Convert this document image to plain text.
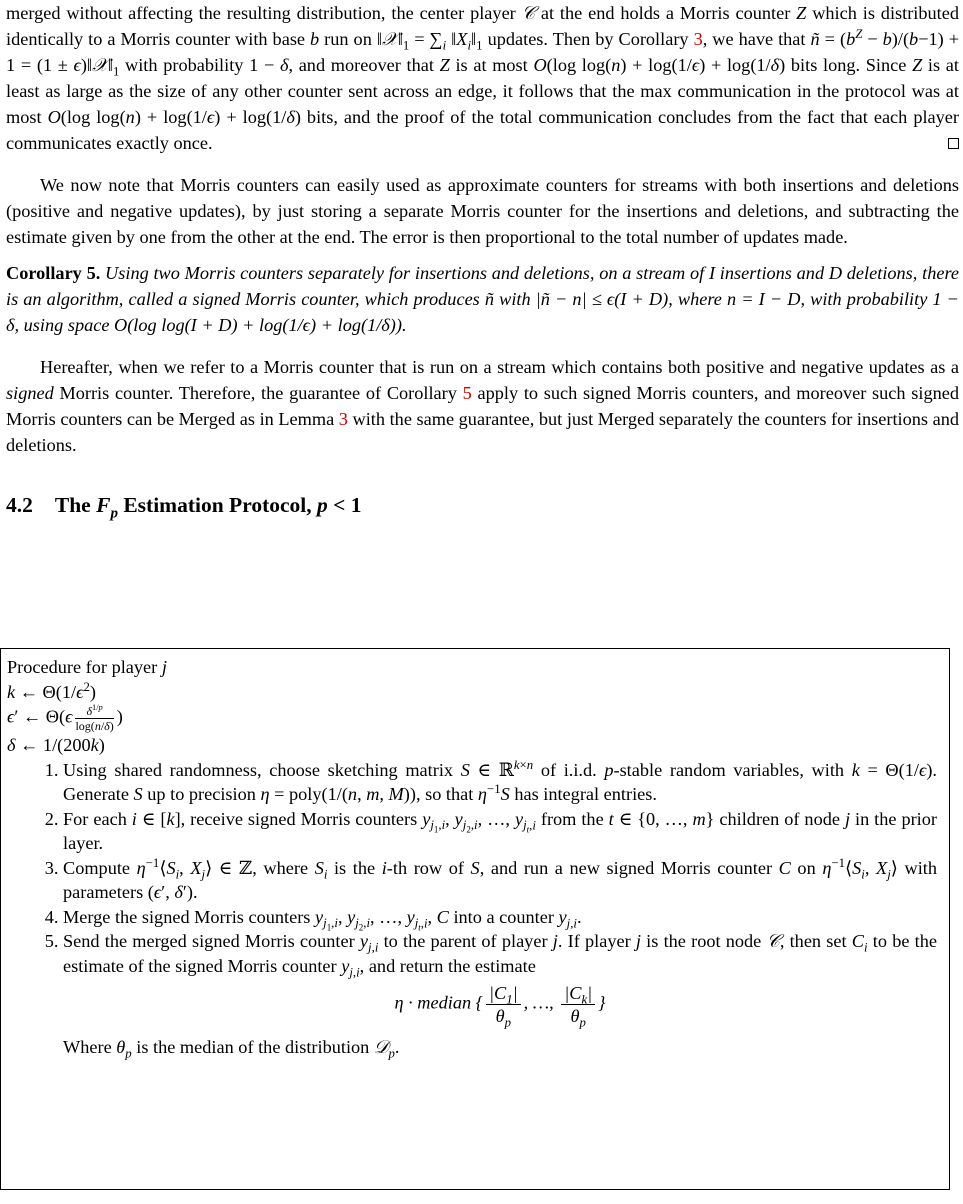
merged without affecting the resulting distribution, the center player 𝒞 at the end holds a Morris counter Z which is distributed identically to a Morris counter with base b run on $‖𝒳‖_1 = \sum_i$ $‖X_i‖_1$ updates. Then by Corollary 3, we have that ñ = $(b^Z - b)/(b-1) + 1 = (1$ ± $\epsilon)‖𝒳‖_1$ with probability 1 − δ, and moreover that Z is at most O(log log(n) + log(1/ϵ) + log(1/δ) bits long. Since Z is at least as large as the size of any other counter sent across an edge, it follows that the max communication in the protocol was at most O(log log(n) + log(1/ϵ) + log(1/δ) bits, and the proof of the total communication concludes from the fact that each player communicates exactly once.

We now note that Morris counters can easily used as approximate counters for streams with both insertions and deletions (positive and negative updates), by just storing a separate Morris counter for the insertions and deletions, and subtracting the estimate given by one from the other at the end. The error is then proportional to the total number of updates made.

Corollary 5. Using two Morris counters separately for insertions and deletions, on a stream of I insertions and D deletions, there is an algorithm, called a signed Morris counter, which produces ñ with |ñ − n| ≤ ϵ(I + D), where n = I − D, with probability 1 − δ, using space O(log log(I + D) + log(1/ϵ) + log(1/δ)).

Hereafter, when we refer to a Morris counter that is run on a stream which contains both positive and negative updates as a signed Morris counter. Therefore, the guarantee of Corollary 5 apply to such signed Morris counters, and moreover such signed Morris counters can be Merged as in Lemma 3 with the same guarantee, but just Merged separately the counters for insertions and deletions.

4.2 The $F_p$ Estimation Protocol, p < 1
Procedure for player j
k ← $\Theta(1/\epsilon^2)$
ϵ′ ← $\Theta(\epsilon \frac{\delta^{1/p}}{\log(n/\delta)}$ )
δ ← 1/(200k)
1. Using shared randomness, choose sketching matrix S ∈ ℝ$^{k\times n}$ of i.i.d. p-stable random variables, with k = Θ(1/ϵ). Generate S up to precision η = poly(1/(n, m, M)), so that $\eta^{-1}S$ has integral entries.
2. For each i ∈ [k], receive signed Morris counters $y_{j_1,i}$, $y_{j_2,i}$, …, $y_{j_t,i}$ from the t ∈ {0, …, m} children of node j in the prior layer.
3. Compute $\eta^{-1}⟨S_i$, $X_j⟩$ ∈ ℤ, where $S_i$ is the i-th row of S, and run a new signed Morris counter C on $\eta^{-1}⟨S_i$, $X_j⟩$ with parameters (ϵ′, δ′).
4. Merge the signed Morris counters $y_{j_1,i}$, $y_{j_2,i}$, …, $y_{j_t,i}$, C into a counter $y_{j,i}$.
5. Send the merged signed Morris counter $y_{j,i}$ to the parent of player j. If player j is the root node 𝒞, then set $C_i$ to be the estimate of the signed Morris counter $y_{j,i}$, and return the estimate
η · median { $\frac{|C_1|}{\theta_p}$ , …, $\frac{|C_k|}{\theta_p}$ }
Where $\theta_p$ is the median of the distribution 𝒟$_p$.
